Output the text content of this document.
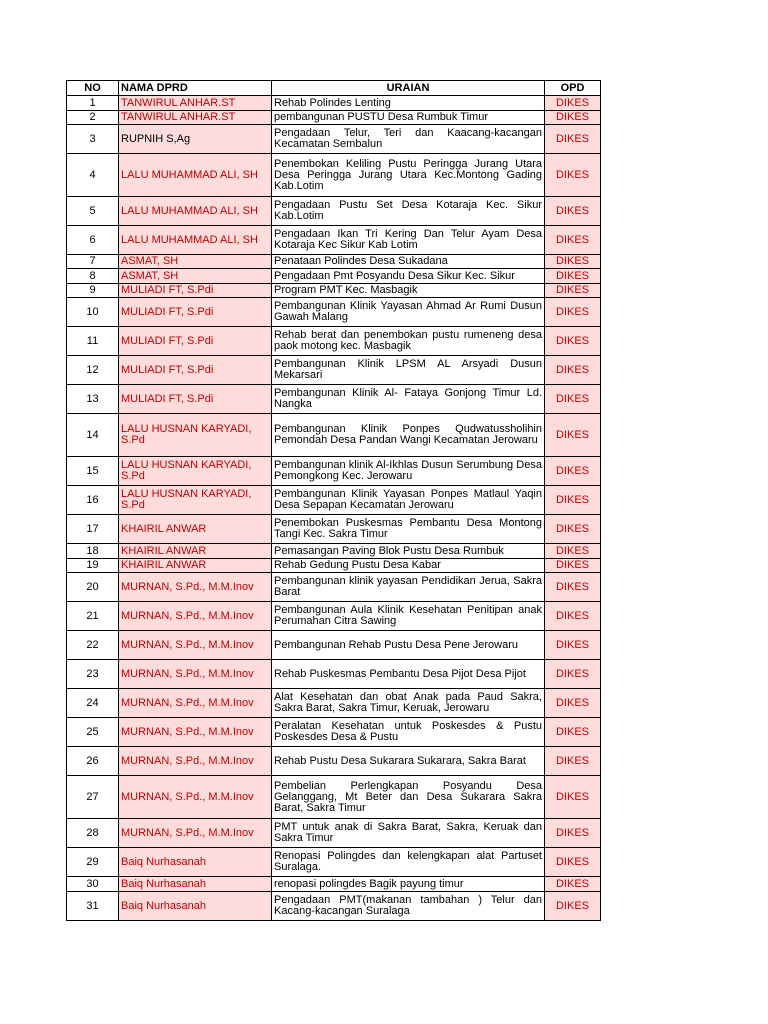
NO	NAMA DPRD	URAIAN	OPD
1	TANWIRUL ANHAR.ST	Rehab Polindes Lenting	DIKES
2	TANWIRUL ANHAR.ST	pembangunan PUSTU Desa Rumbuk Timur	DIKES
3	RUPNIH S,Ag	Pengadaan Telur, Teri dan Kaacang-kacangan Kecamatan Sembalun	DIKES
4	LALU MUHAMMAD ALI, SH	Penembokan Keliling Pustu Peringga Jurang Utara Desa Peringga Jurang Utara Kec.Montong Gading Kab.Lotim	DIKES
5	LALU MUHAMMAD ALI, SH	Pengadaan Pustu Set Desa Kotaraja Kec. Sikur Kab.Lotim	DIKES
6	LALU MUHAMMAD ALI, SH	Pengadaan Ikan Tri Kering Dan Telur Ayam Desa Kotaraja Kec Sikur Kab Lotim	DIKES
7	ASMAT, SH	Penataan Polindes Desa Sukadana	DIKES
8	ASMAT, SH	Pengadaan Pmt Posyandu Desa Sikur Kec. Sikur	DIKES
9	MULIADI FT, S.Pdi	Program PMT Kec. Masbagik	DIKES
10	MULIADI FT, S.Pdi	Pembangunan Klinik Yayasan Ahmad Ar Rumi Dusun Gawah Malang	DIKES
11	MULIADI FT, S.Pdi	Rehab berat dan penembokan pustu rumeneng desa paok motong kec. Masbagik	DIKES
12	MULIADI FT, S.Pdi	Pembangunan Klinik LPSM AL Arsyadi Dusun Mekarsari	DIKES
13	MULIADI FT, S.Pdi	Pembangunan Klinik Al- Fataya Gonjong Timur Ld. Nangka	DIKES
14	LALU HUSNAN KARYADI, S.Pd	Pembangunan Klinik Ponpes Qudwatussholihin Pemondah Desa Pandan Wangi Kecamatan Jerowaru	DIKES
15	LALU HUSNAN KARYADI, S.Pd	Pembangunan klinik Al-Ikhlas Dusun Serumbung Desa Pemongkong Kec. Jerowaru	DIKES
16	LALU HUSNAN KARYADI, S.Pd	Pembangunan Klinik Yayasan Ponpes Matlaul Yaqin Desa Sepapan Kecamatan Jerowaru	DIKES
17	KHAIRIL ANWAR	Penembokan Puskesmas Pembantu Desa Montong Tangi Kec. Sakra Timur	DIKES
18	KHAIRIL ANWAR	Pemasangan Paving Blok Pustu Desa Rumbuk	DIKES
19	KHAIRIL ANWAR	Rehab Gedung Pustu Desa Kabar	DIKES
20	MURNAN, S.Pd., M.M.Inov	Pembangunan klinik yayasan Pendidikan Jerua, Sakra Barat	DIKES
21	MURNAN, S.Pd., M.M.Inov	Pembangunan Aula Klinik Kesehatan Penitipan anak Perumahan Citra Sawing	DIKES
22	MURNAN, S.Pd., M.M.Inov	Pembangunan Rehab Pustu Desa Pene Jerowaru	DIKES
23	MURNAN, S.Pd., M.M.Inov	Rehab Puskesmas Pembantu Desa Pijot Desa Pijot	DIKES
24	MURNAN, S.Pd., M.M.Inov	Alat Kesehatan dan obat Anak pada Paud Sakra, Sakra Barat, Sakra Timur, Keruak, Jerowaru	DIKES
25	MURNAN, S.Pd., M.M.Inov	Peralatan Kesehatan untuk Poskesdes & Pustu Poskesdes Desa & Pustu	DIKES
26	MURNAN, S.Pd., M.M.Inov	Rehab Pustu Desa Sukarara Sukarara, Sakra Barat	DIKES
27	MURNAN, S.Pd., M.M.Inov	Pembelian Perlengkapan Posyandu Desa Gelanggang, Mt Beter dan Desa Sukarara Sakra Barat, Sakra Timur	DIKES
28	MURNAN, S.Pd., M.M.Inov	PMT untuk anak di Sakra Barat, Sakra, Keruak dan Sakra Timur	DIKES
29	Baiq Nurhasanah	Renopasi Polingdes dan kelengkapan alat Partuset Suralaga.	DIKES
30	Baiq Nurhasanah	renopasi polingdes Bagik payung timur	DIKES
31	Baiq Nurhasanah	Pengadaan PMT(makanan tambahan ) Telur dan Kacang-kacangan Suralaga	DIKES
